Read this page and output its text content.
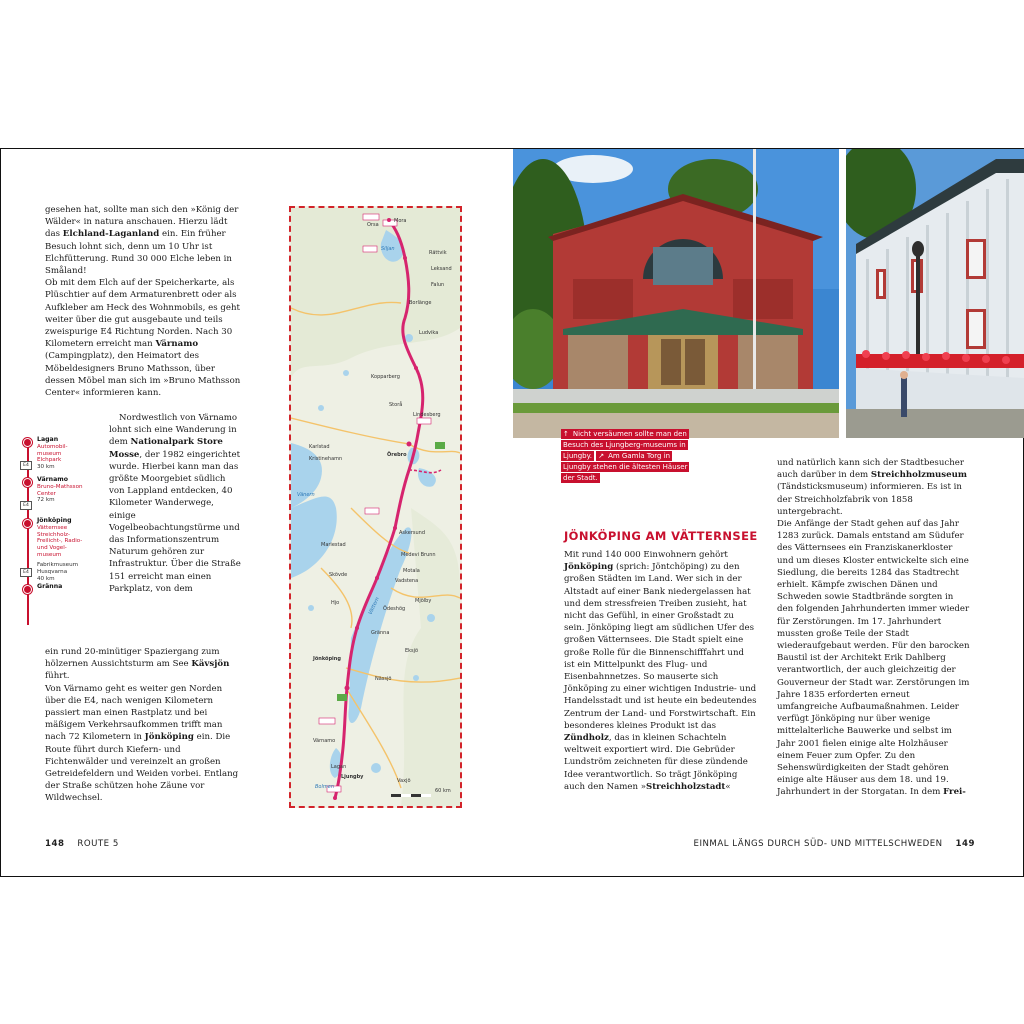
gesehen hat, sollte man sich den »König der Wälder« in natura anschauen. Hierzu lädt das Elchland-Laganland ein. Ein früher Besuch lohnt sich, denn um 10 Uhr ist Elchfütterung. Rund 30 000 Elche leben in Småland!

Ob mit dem Elch auf der Speicherkarte, als Plüschtier auf dem Armaturenbrett oder als Aufkleber am Heck des Wohnmobils, es geht weiter über die gut ausgebaute und teils zweispurige E4 Richtung Norden. Nach 30 Kilometern erreicht man Värnamo (Campingplatz), den Heimatort des Möbeldesigners Bruno Mathsson, über dessen Möbel man sich im »Bruno Mathsson Center« informieren kann.

Nordwestlich von Värnamo lohnt sich eine Wanderung in dem Nationalpark Store Mosse, der 1982 eingerichtet wurde. Hierbei kann man das größte Moorgebiet südlich von Lappland entdecken, 40 Kilometer Wanderwege, einige Vogelbeobachtungstürme und das Informationszentrum Naturum gehören zur Infrastruktur. Über die Straße 151 erreicht man einen Parkplatz, von dem

ein rund 20-minütiger Spaziergang zum hölzernen Aussichtsturm am See Kävsjön führt.

Von Värnamo geht es weiter gen Norden über die E4, nach wenigen Kilometern passiert man einen Rastplatz und bei mäßigem Verkehrsaufkommen trifft man nach 72 Kilometern in Jönköping ein. Die Route führt durch Kiefern- und Fichtenwälder und vereinzelt an großen Getreidefeldern und Weiden vorbei. Entlang der Straße schützen hohe Zäune vor Wildwechsel.

Lagan
Automobil-
museum
Elchpark
30 km
E4
Värnamo
Bruno-Mathsson
Center
72 km
E4
Jönköping
Vätternsee
Streichholz-
Freilicht-, Radio-
und Vogel-
museum
Fabrikmuseum
Husqvarna
40 km
E4
Gränna
Mora
Orsa
Rättvik
Leksand
Falun
Borlänge
Ludvika
Kopparberg
Storå
Lindesberg
Karlstad
Kristinehamn
Örebro
Askersund
Medevi Brunn
Motala
Vadstena
Mjölby
Ödeshög
Gränna
Jönköping
Hjo
Mariestad
Skövde
Eksjö
Nässjö
Värnamo
Vaxjö
Ljungby
Lagan
Vänern
Vättern
Siljan
Bolmen
60 km
↑ Nicht versäumen sollte man den Besuch des Ljungberg-museums in Ljungby. ↗ Am Gamla Torg in Ljungby stehen die ältesten Häuser der Stadt.
JÖNKÖPING AM VÄTTERNSEE

Mit rund 140 000 Einwohnern gehört Jönköping (sprich: Jöntchöping) zu den großen Städten im Land. Wer sich in der Altstadt auf einer Bank niedergelassen hat und dem stressfreien Treiben zusieht, hat nicht das Gefühl, in einer Großstadt zu sein. Jönköping liegt am südlichen Ufer des großen Vätternsees. Die Stadt spielt eine große Rolle für die Binnenschifffahrt und ist ein Mittelpunkt des Flug- und Eisenbahnnetzes. So mauserte sich Jönköping zu einer wichtigen Industrie- und Handelsstadt und ist heute ein bedeutendes Zentrum der Land- und Forstwirtschaft. Ein besonderes kleines Produkt ist das Zündholz, das in kleinen Schachteln weltweit exportiert wird. Die Gebrüder Lundström zeichneten für diese zündende Idee verantwortlich. So trägt Jönköping auch den Namen »Streichholzstadt«

und natürlich kann sich der Stadtbesucher auch darüber in dem Streichholzmuseum (Tändsticksmuseum) informieren. Es ist in der Streichholzfabrik von 1858 untergebracht.

Die Anfänge der Stadt gehen auf das Jahr 1283 zurück. Damals entstand am Südufer des Vätternsees ein Franziskanerkloster und um dieses Kloster entwickelte sich eine Siedlung, die bereits 1284 das Stadtrecht erhielt. Kämpfe zwischen Dänen und Schweden sowie Stadtbrände sorgten in den folgenden Jahrhunderten immer wieder für Zerstörungen. Im 17. Jahrhundert mussten große Teile der Stadt wiederaufgebaut werden. Für den barocken Baustil ist der Architekt Erik Dahlberg verantwortlich, der auch gleichzeitig der Gouverneur der Stadt war. Zerstörungen im Jahre 1835 erforderten erneut umfangreiche Aufbaumaßnahmen. Leider verfügt Jönköping nur über wenige mittelalterliche Bauwerke und selbst im Jahr 2001 fielen einige alte Holzhäuser einem Feuer zum Opfer. Zu den Sehenswürdigkeiten der Stadt gehören einige alte Häuser aus dem 18. und 19. Jahrhundert in der Storgatan. In dem Frei-

148 ROUTE 5	EINMAL LÄNGS DURCH SÜD- UND MITTELSCHWEDEN 149
